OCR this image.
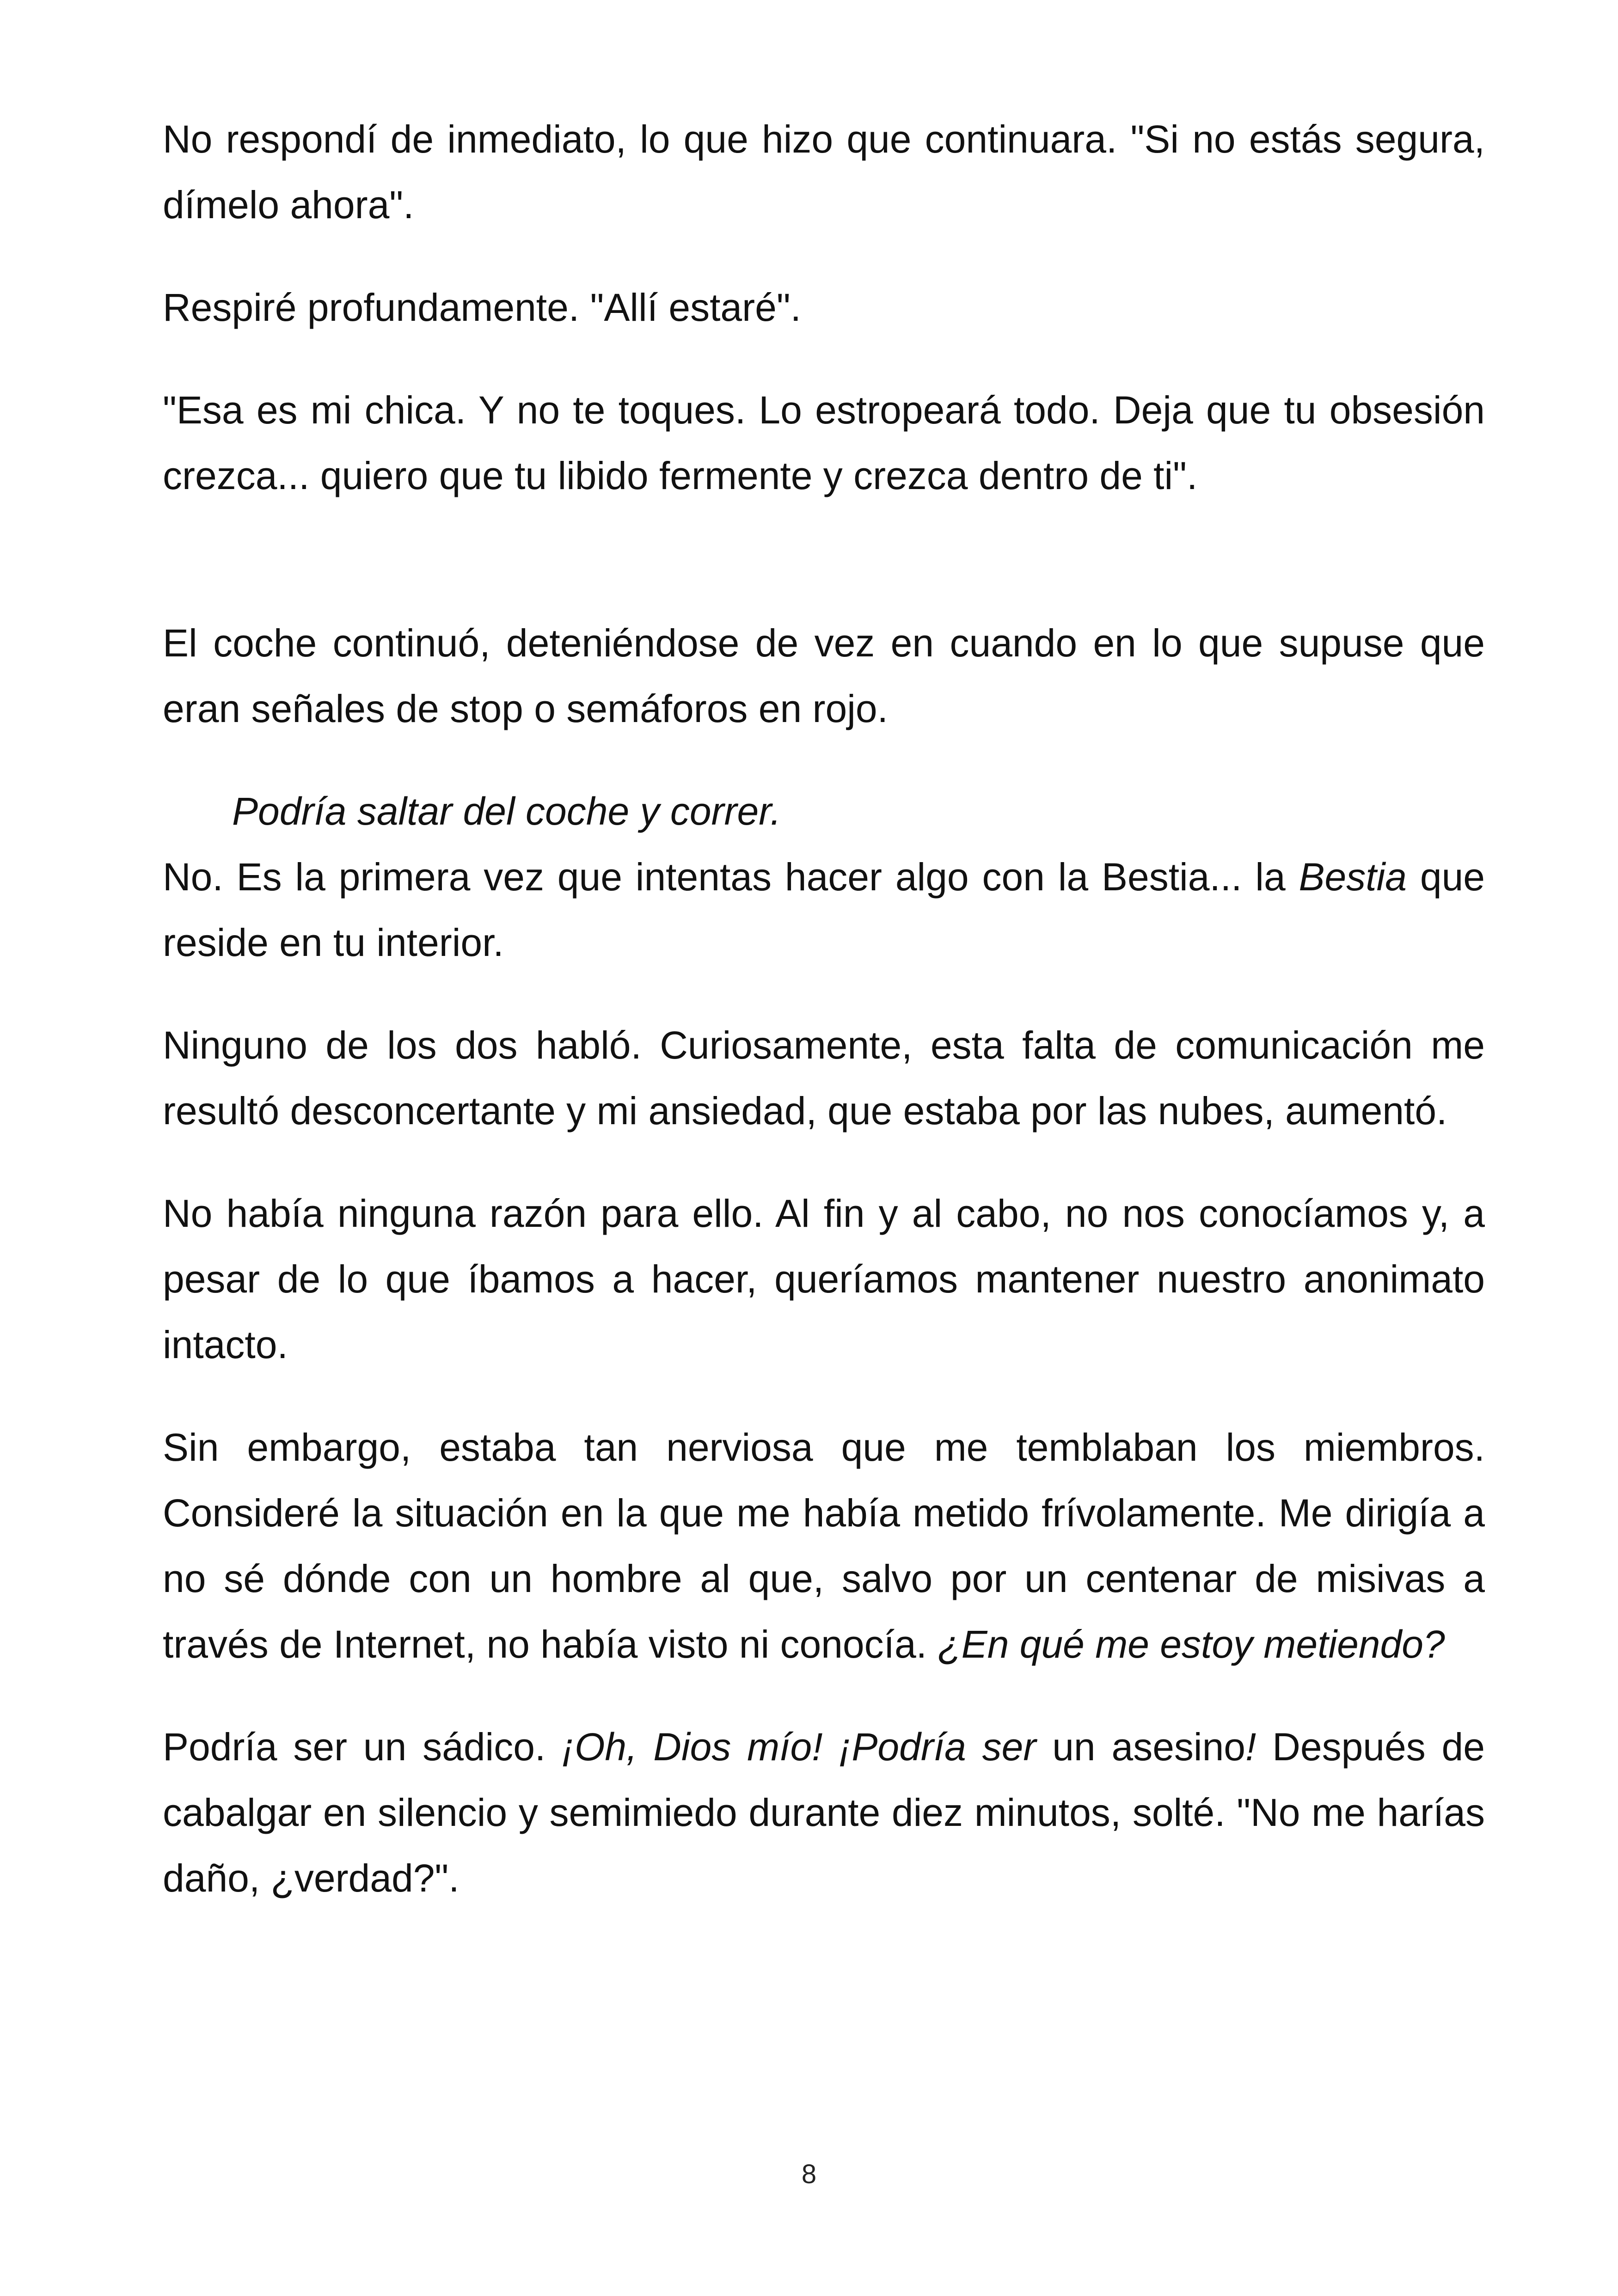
No respondí de inmediato, lo que hizo que continuara. "Si no estás segura, dímelo ahora".

Respiré profundamente. "Allí estaré".

"Esa es mi chica. Y no te toques. Lo estropeará todo. Deja que tu obsesión crezca... quiero que tu libido fermente y crezca dentro de ti".

El coche continuó, deteniéndose de vez en cuando en lo que supuse que eran señales de stop o semáforos en rojo.

Podría saltar del coche y correr.

No. Es la primera vez que intentas hacer algo con la Bestia... la Bestia que reside en tu interior.

Ninguno de los dos habló. Curiosamente, esta falta de comunicación me resultó desconcertante y mi ansiedad, que estaba por las nubes, aumentó.

No había ninguna razón para ello. Al fin y al cabo, no nos conocíamos y, a pesar de lo que íbamos a hacer, queríamos mantener nuestro anonimato intacto.

Sin embargo, estaba tan nerviosa que me temblaban los miembros. Consideré la situación en la que me había metido frívolamente. Me dirigía a no sé dónde con un hombre al que, salvo por un centenar de misivas a través de Internet, no había visto ni conocía. ¿En qué me estoy metiendo?

Podría ser un sádico. ¡Oh, Dios mío! ¡Podría ser un asesino! Después de cabalgar en silencio y semimiedo durante diez minutos, solté. "No me harías daño, ¿verdad?".

8
